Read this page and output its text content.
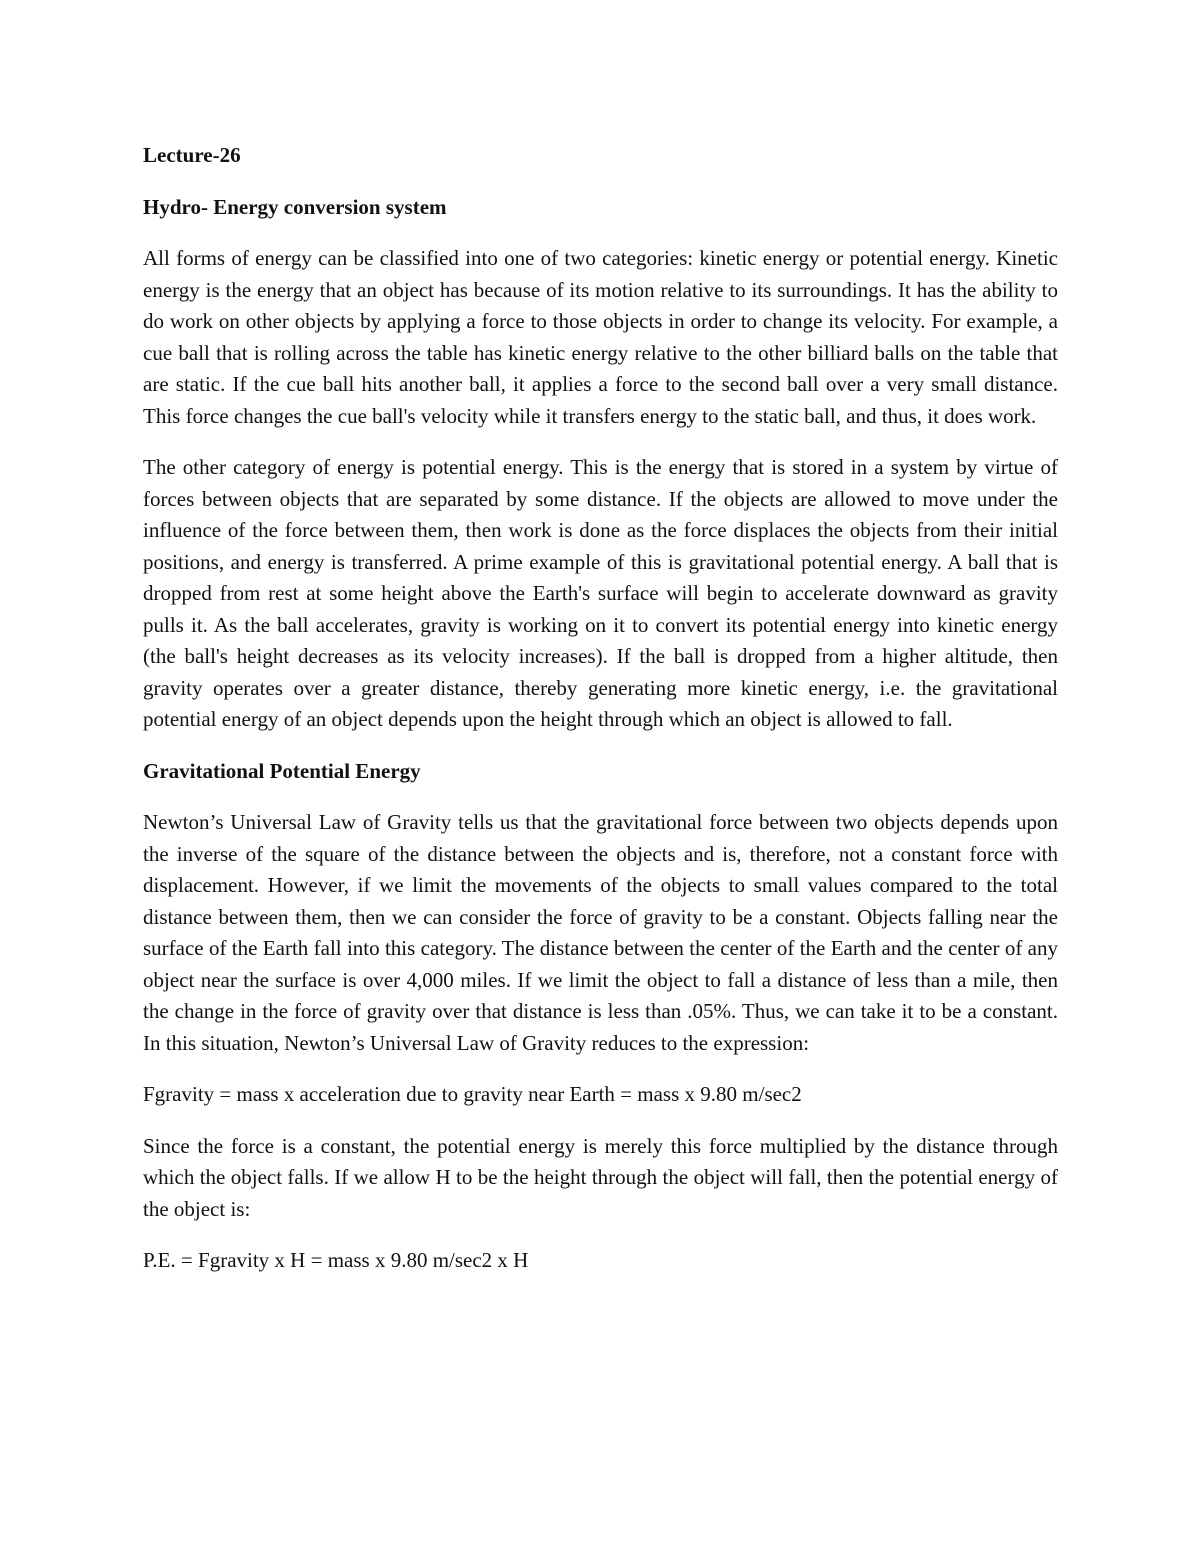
Lecture-26

Hydro- Energy conversion system

All forms of energy can be classified into one of two categories: kinetic energy or potential energy. Kinetic energy is the energy that an object has because of its motion relative to its surroundings. It has the ability to do work on other objects by applying a force to those objects in order to change its velocity. For example, a cue ball that is rolling across the table has kinetic energy relative to the other billiard balls on the table that are static. If the cue ball hits another ball, it applies a force to the second ball over a very small distance. This force changes the cue ball's velocity while it transfers energy to the static ball, and thus, it does work.

The other category of energy is potential energy. This is the energy that is stored in a system by virtue of forces between objects that are separated by some distance. If the objects are allowed to move under the influence of the force between them, then work is done as the force displaces the objects from their initial positions, and energy is transferred. A prime example of this is gravitational potential energy. A ball that is dropped from rest at some height above the Earth's surface will begin to accelerate downward as gravity pulls it. As the ball accelerates, gravity is working on it to convert its potential energy into kinetic energy (the ball's height decreases as its velocity increases). If the ball is dropped from a higher altitude, then gravity operates over a greater distance, thereby generating more kinetic energy, i.e. the gravitational potential energy of an object depends upon the height through which an object is allowed to fall.

Gravitational Potential Energy

Newton’s Universal Law of Gravity tells us that the gravitational force between two objects depends upon the inverse of the square of the distance between the objects and is, therefore, not a constant force with displacement. However, if we limit the movements of the objects to small values compared to the total distance between them, then we can consider the force of gravity to be a constant. Objects falling near the surface of the Earth fall into this category. The distance between the center of the Earth and the center of any object near the surface is over 4,000 miles. If we limit the object to fall a distance of less than a mile, then the change in the force of gravity over that distance is less than .05%. Thus, we can take it to be a constant. In this situation, Newton’s Universal Law of Gravity reduces to the expression:

Fgravity = mass x acceleration due to gravity near Earth = mass x 9.80 m/sec2

Since the force is a constant, the potential energy is merely this force multiplied by the distance through which the object falls. If we allow H to be the height through the object will fall, then the potential energy of the object is:

P.E. = Fgravity x H = mass x 9.80 m/sec2 x H
